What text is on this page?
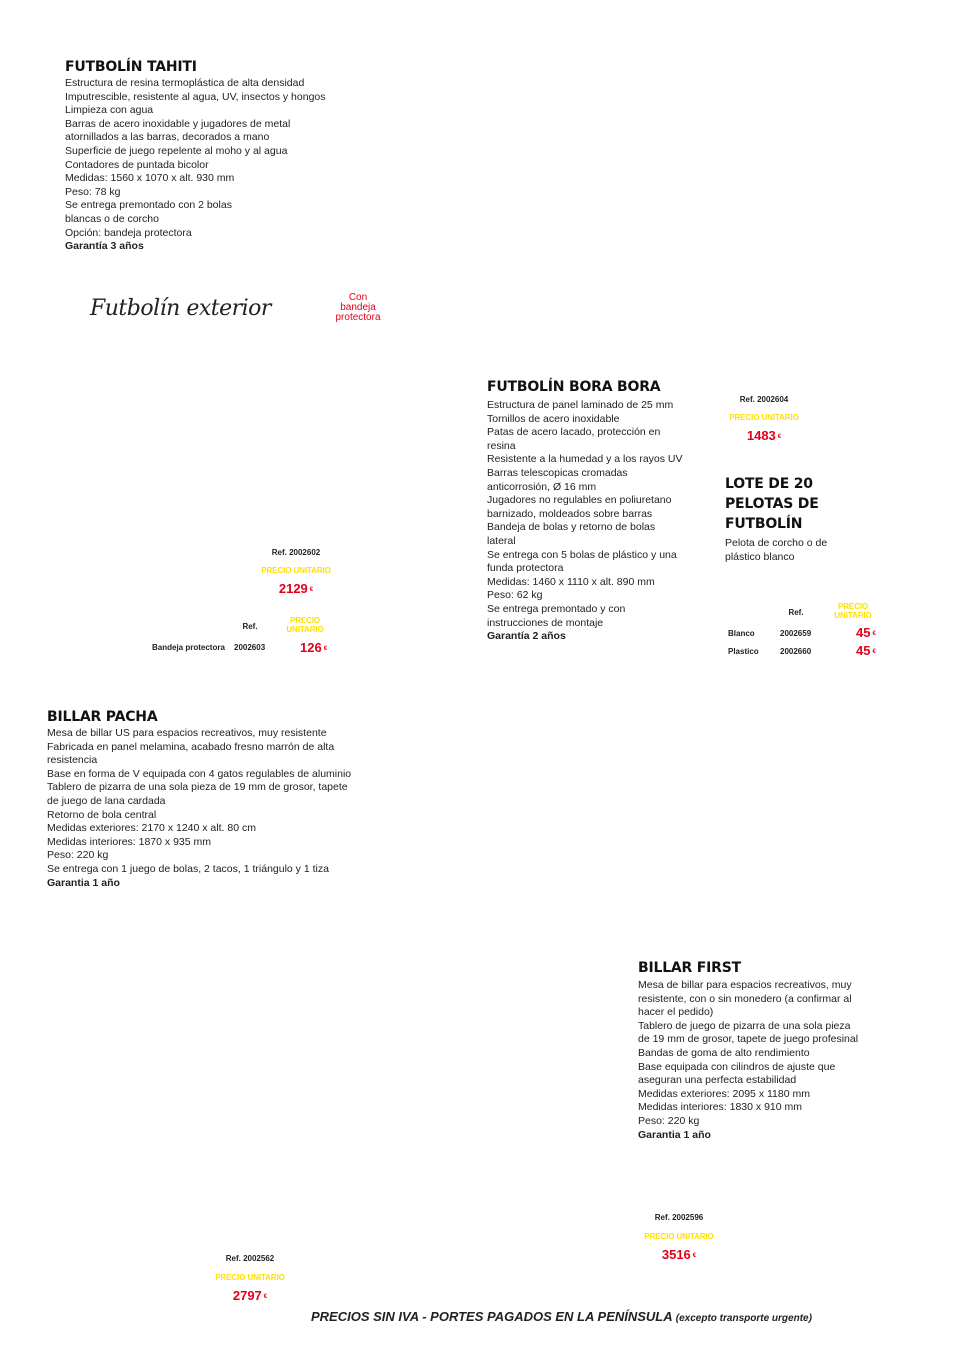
FUTBOLÍN TAHITI
Estructura de resina termoplástica de alta densidad
Imputrescible, resistente al agua, UV, insectos y hongos
Limpieza con agua
Barras de acero inoxidable y jugadores de metal
atornillados a las barras, decorados a mano
Superficie de juego repelente al moho y al agua
Contadores de puntada bicolor
Medidas: 1560 x 1070 x alt. 930 mm
Peso: 78 kg
Se entrega premontado con 2 bolas
blancas o de corcho
Opción: bandeja protectora
Garantía 3 años
Futbolín exterior	Con
bandeja
protectora
Ref. 2002602
PRECIO UNITARIO
2129 €
Ref.
PRECIO
UNITARIO
Bandeja protectora 2002603	126 €
FUTBOLÍN BORA BORA
Estructura de panel laminado de 25 mm
Tornillos de acero inoxidable
Patas de acero lacado, protección en
resina
Resistente a la humedad y a los rayos UV
Barras telescopicas cromadas
anticorrosión, Ø 16 mm
Jugadores no regulables en poliuretano
barnizado, moldeados sobre barras
Bandeja de bolas y retorno de bolas
lateral
Se entrega con 5 bolas de plástico y una
funda protectora
Medidas: 1460 x 1110 x alt. 890 mm
Peso: 62 kg
Se entrega premontado y con
instrucciones de montaje
Garantía 2 años
Ref. 2002604
PRECIO UNITARIO
1483 €
LOTE DE 20
PELOTAS DE
FUTBOLÍN
Pelota de corcho o de
plástico blanco
Ref.
PRECIO
UNITARIO
Blanco	2002659	45 €
Plastico	2002660	45 €
BILLAR PACHA
Mesa de billar US para espacios recreativos, muy resistente
Fabricada en panel melamina, acabado fresno marrón de alta
resistencia
Base en forma de V equipada con 4 gatos regulables de aluminio
Tablero de pizarra de una sola pieza de 19 mm de grosor, tapete
de juego de lana cardada
Retorno de bola central
Medidas exteriores: 2170 x 1240 x alt. 80 cm
Medidas interiores: 1870 x 935 mm
Peso: 220 kg
Se entrega con 1 juego de bolas, 2 tacos, 1 triángulo y 1 tiza
Garantia 1 año
Ref. 2002562
PRECIO UNITARIO
2797 €
BILLAR FIRST
Mesa de billar para espacios recreativos, muy
resistente, con o sin monedero (a confirmar al
hacer el pedido)
Tablero de juego de pizarra de una sola pieza
de 19 mm de grosor, tapete de juego profesinal
Bandas de goma de alto rendimiento
Base equipada con cilindros de ajuste que
aseguran una perfecta estabilidad
Medidas exteriores: 2095 x 1180 mm
Medidas interiores: 1830 x 910 mm
Peso: 220 kg
Garantia 1 año
Ref. 2002596
PRECIO UNITARIO
3516 €
PRECIOS SIN IVA - PORTES PAGADOS EN LA PENÍNSULA (excepto transporte urgente)
